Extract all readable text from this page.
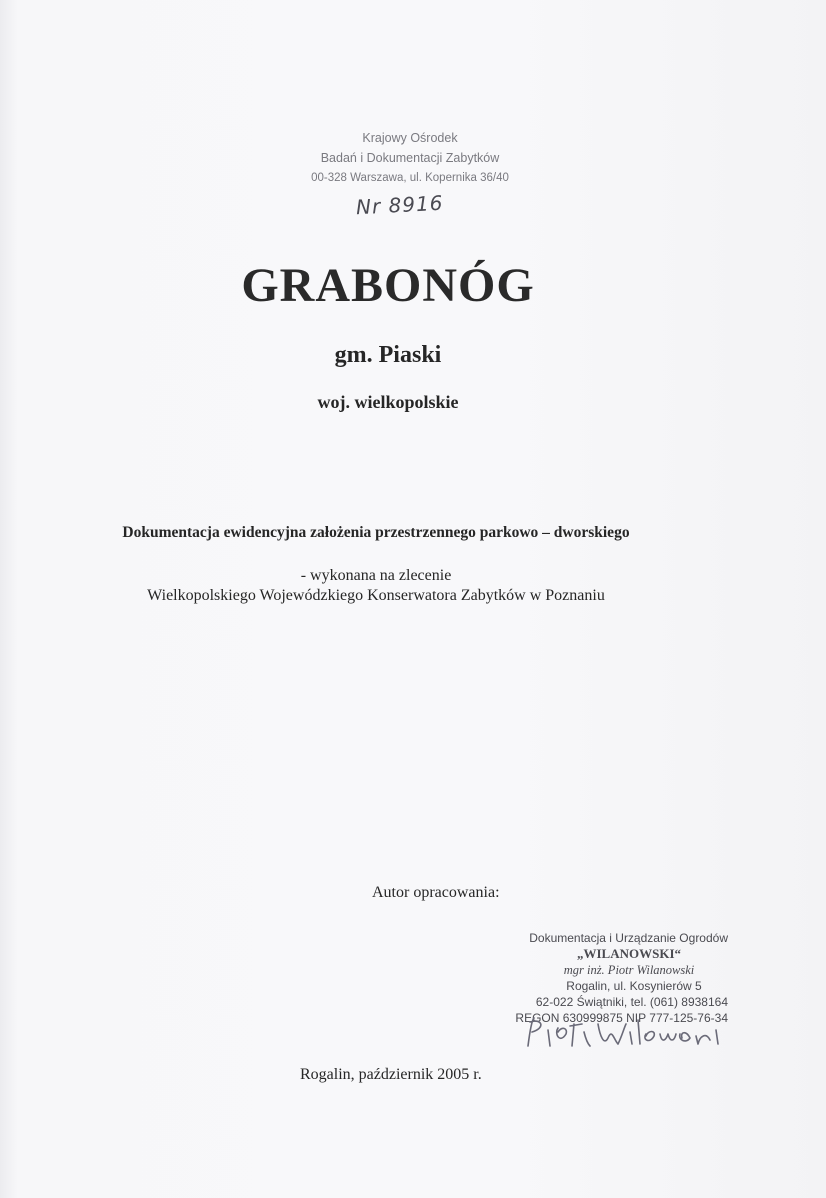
Krajowy Ośrodek
Badań i Dokumentacji Zabytków
00-328 Warszawa, ul. Kopernika 36/40
Nr 8916
GRABONÓG
gm. Piaski
woj. wielkopolskie
Dokumentacja ewidencyjna założenia przestrzennego parkowo – dworskiego
- wykonana na zlecenie
Wielkopolskiego Wojewódzkiego Konserwatora Zabytków w Poznaniu
Autor opracowania:
Dokumentacja i Urządzanie Ogrodów
„WILANOWSKI“
mgr inż. Piotr Wilanowski
Rogalin, ul. Kosynierów 5
62-022 Świątniki, tel. (061) 8938164
REGON 630999875 NIP 777-125-76-34
Rogalin, październik 2005 r.
